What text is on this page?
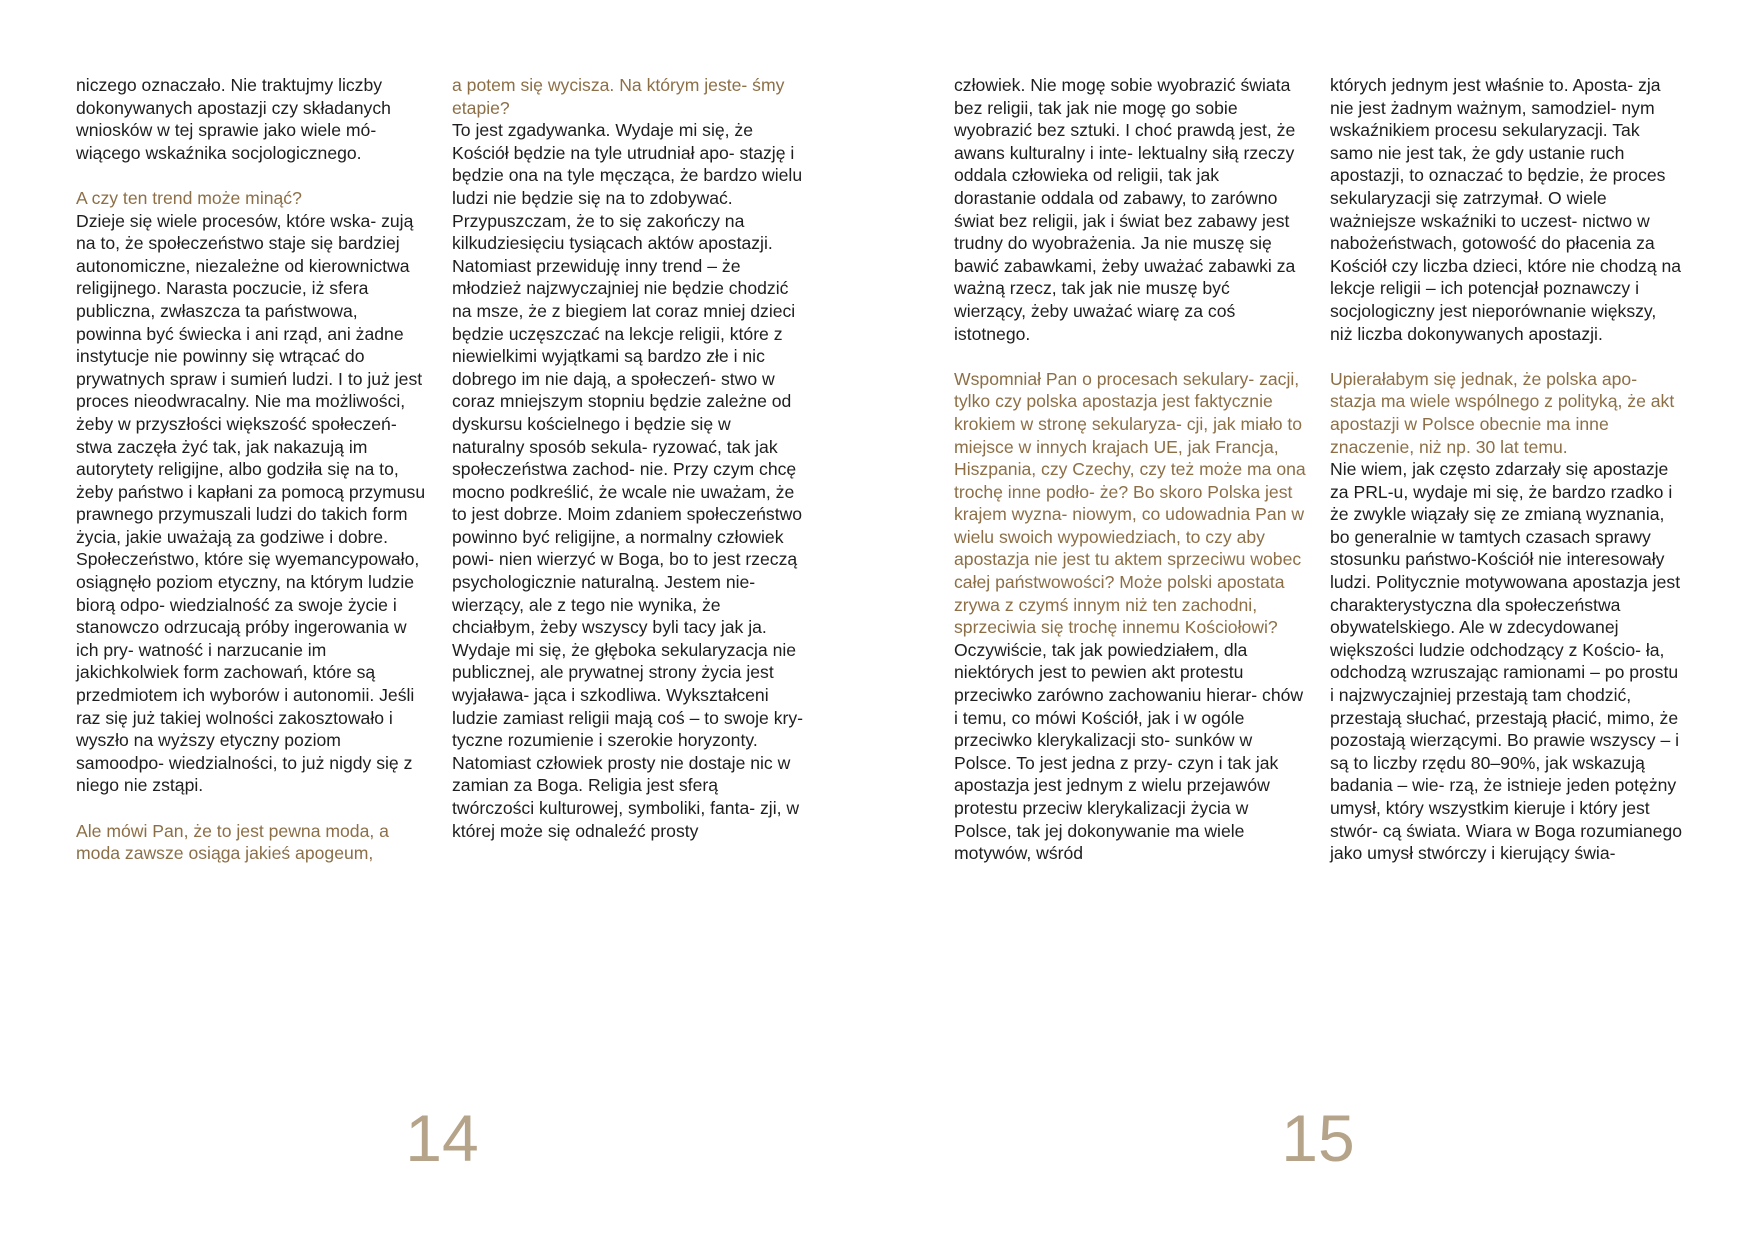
niczego oznaczało. Nie traktujmy liczby dokonywanych apostazji czy składanych wniosków w tej sprawie jako wiele mó- wiącego wskaźnika socjologicznego.

A czy ten trend może minąć?

Dzieje się wiele procesów, które wska- zują na to, że społeczeństwo staje się bardziej autonomiczne, niezależne od kierownictwa religijnego. Narasta poczucie, iż sfera publiczna, zwłaszcza ta państwowa, powinna być świecka i ani rząd, ani żadne instytucje nie powinny się wtrącać do prywatnych spraw i sumień ludzi. I to już jest proces nieodwracalny. Nie ma możliwości, żeby w przyszłości większość społeczeń- stwa zaczęła żyć tak, jak nakazują im autorytety religijne, albo godziła się na to, żeby państwo i kapłani za pomocą przymusu prawnego przymuszali ludzi do takich form życia, jakie uważają za godziwe i dobre. Społeczeństwo, które się wyemancypowało, osiągnęło poziom etyczny, na którym ludzie biorą odpo- wiedzialność za swoje życie i stanowczo odrzucają próby ingerowania w ich pry- watność i narzucanie im jakichkolwiek form zachowań, które są przedmiotem ich wyborów i autonomii. Jeśli raz się już takiej wolności zakosztowało i wyszło na wyższy etyczny poziom samoodpo- wiedzialności, to już nigdy się z niego nie zstąpi.

Ale mówi Pan, że to jest pewna moda, a moda zawsze osiąga jakieś apogeum,

a potem się wycisza. Na którym jeste- śmy etapie?

To jest zgadywanka. Wydaje mi się, że Kościół będzie na tyle utrudniał apo- stazję i będzie ona na tyle męcząca, że bardzo wielu ludzi nie będzie się na to zdobywać. Przypuszczam, że to się zakończy na kilkudziesięciu tysiącach aktów apostazji. Natomiast przewiduję inny trend – że młodzież najzwyczajniej nie będzie chodzić na msze, że z biegiem lat coraz mniej dzieci będzie uczęszczać na lekcje religii, które z niewielkimi wyjątkami są bardzo złe i nic dobrego im nie dają, a społeczeń- stwo w coraz mniejszym stopniu będzie zależne od dyskursu kościelnego i będzie się w naturalny sposób sekula- ryzować, tak jak społeczeństwa zachod- nie. Przy czym chcę mocno podkreślić, że wcale nie uważam, że to jest dobrze. Moim zdaniem społeczeństwo powinno być religijne, a normalny człowiek powi- nien wierzyć w Boga, bo to jest rzeczą psychologicznie naturalną. Jestem nie- wierzący, ale z tego nie wynika, że chciałbym, żeby wszyscy byli tacy jak ja. Wydaje mi się, że głęboka sekularyzacja nie publicznej, ale prywatnej strony życia jest wyjaława- jąca i szkodliwa. Wykształceni ludzie zamiast religii mają coś – to swoje kry- tyczne rozumienie i szerokie horyzonty. Natomiast człowiek prosty nie dostaje nic w zamian za Boga. Religia jest sferą twórczości kulturowej, symboliki, fanta- zji, w której może się odnaleźć prosty

14

człowiek. Nie mogę sobie wyobrazić świata bez religii, tak jak nie mogę go sobie wyobrazić bez sztuki. I choć prawdą jest, że awans kulturalny i inte- lektualny siłą rzeczy oddala człowieka od religii, tak jak dorastanie oddala od zabawy, to zarówno świat bez religii, jak i świat bez zabawy jest trudny do wyobrażenia. Ja nie muszę się bawić zabawkami, żeby uważać zabawki za ważną rzecz, tak jak nie muszę być wierzący, żeby uważać wiarę za coś istotnego.

Wspomniał Pan o procesach sekulary- zacji, tylko czy polska apostazja jest faktycznie krokiem w stronę sekularyza- cji, jak miało to miejsce w innych krajach UE, jak Francja, Hiszpania, czy Czechy, czy też może ma ona trochę inne podło- że? Bo skoro Polska jest krajem wyzna- niowym, co udowadnia Pan w wielu swoich wypowiedziach, to czy aby apostazja nie jest tu aktem sprzeciwu wobec całej państwowości? Może polski apostata zrywa z czymś innym niż ten zachodni, sprzeciwia się trochę innemu Kościołowi?

Oczywiście, tak jak powiedziałem, dla niektórych jest to pewien akt protestu przeciwko zarówno zachowaniu hierar- chów i temu, co mówi Kościół, jak i w ogóle przeciwko klerykalizacji sto- sunków w Polsce. To jest jedna z przy- czyn i tak jak apostazja jest jednym z wielu przejawów protestu przeciw klerykalizacji życia w Polsce, tak jej dokonywanie ma wiele motywów, wśród

których jednym jest właśnie to. Aposta- zja nie jest żadnym ważnym, samodziel- nym wskaźnikiem procesu sekularyzacji. Tak samo nie jest tak, że gdy ustanie ruch apostazji, to oznaczać to będzie, że proces sekularyzacji się zatrzymał. O wiele ważniejsze wskaźniki to uczest- nictwo w nabożeństwach, gotowość do płacenia za Kościół czy liczba dzieci, które nie chodzą na lekcje religii – ich potencjał poznawczy i socjologiczny jest nieporównanie większy, niż liczba dokonywanych apostazji.

Upierałabym się jednak, że polska apo- stazja ma wiele wspólnego z polityką, że akt apostazji w Polsce obecnie ma inne znaczenie, niż np. 30 lat temu.

Nie wiem, jak często zdarzały się apostazje za PRL-u, wydaje mi się, że bardzo rzadko i że zwykle wiązały się ze zmianą wyznania, bo generalnie w tamtych czasach sprawy stosunku państwo-Kościół nie interesowały ludzi. Politycznie motywowana apostazja jest charakterystyczna dla społeczeństwa obywatelskiego. Ale w zdecydowanej większości ludzie odchodzący z Kościo- ła, odchodzą wzruszając ramionami – po prostu i najzwyczajniej przestają tam chodzić, przestają słuchać, przestają płacić, mimo, że pozostają wierzącymi. Bo prawie wszyscy – i są to liczby rzędu 80–90%, jak wskazują badania – wie- rzą, że istnieje jeden potężny umysł, który wszystkim kieruje i który jest stwór- cą świata. Wiara w Boga rozumianego jako umysł stwórczy i kierujący świa-

15
